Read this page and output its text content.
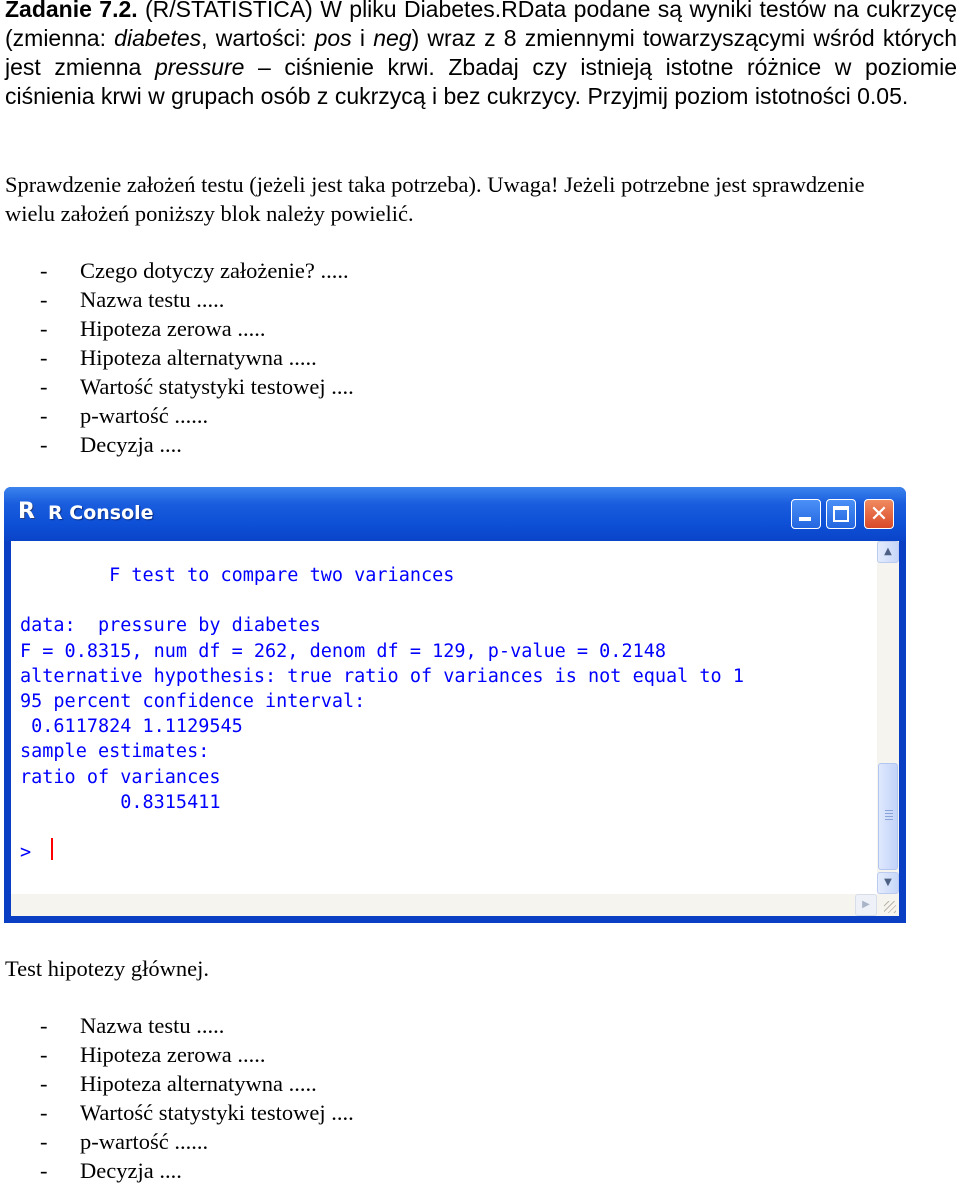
Zadanie 7.2. (R/STATISTICA) W pliku Diabetes.RData podane są wyniki testów na cukrzycę (zmienna: diabetes, wartości: pos i neg) wraz z 8 zmiennymi towarzyszącymi wśród których jest zmienna pressure – ciśnienie krwi. Zbadaj czy istnieją istotne różnice w poziomie ciśnienia krwi w grupach osób z cukrzycą i bez cukrzycy. Przyjmij poziom istotności 0.05.
Sprawdzenie założeń testu (jeżeli jest taka potrzeba). Uwaga! Jeżeli potrzebne jest sprawdzenie wielu założeń poniższy blok należy powielić.
- Czego dotyczy założenie? .....
- Nazwa testu .....
- Hipoteza zerowa .....
- Hipoteza alternatywna .....
- Wartość statystyki testowej ....
- p-wartość ......
- Decyzja ....
R R Console	✕
F test to compare two variances
data:  pressure by diabetes
F = 0.8315, num df = 262, denom df = 129, p-value = 0.2148
alternative hypothesis: true ratio of variances is not equal to 1
95 percent confidence interval:
0.6117824 1.1129545
sample estimates:
ratio of variances
0.8315411
>
▲
▼
▶
Test hipotezy głównej.
- Nazwa testu .....
- Hipoteza zerowa .....
- Hipoteza alternatywna .....
- Wartość statystyki testowej ....
- p-wartość ......
- Decyzja ....
